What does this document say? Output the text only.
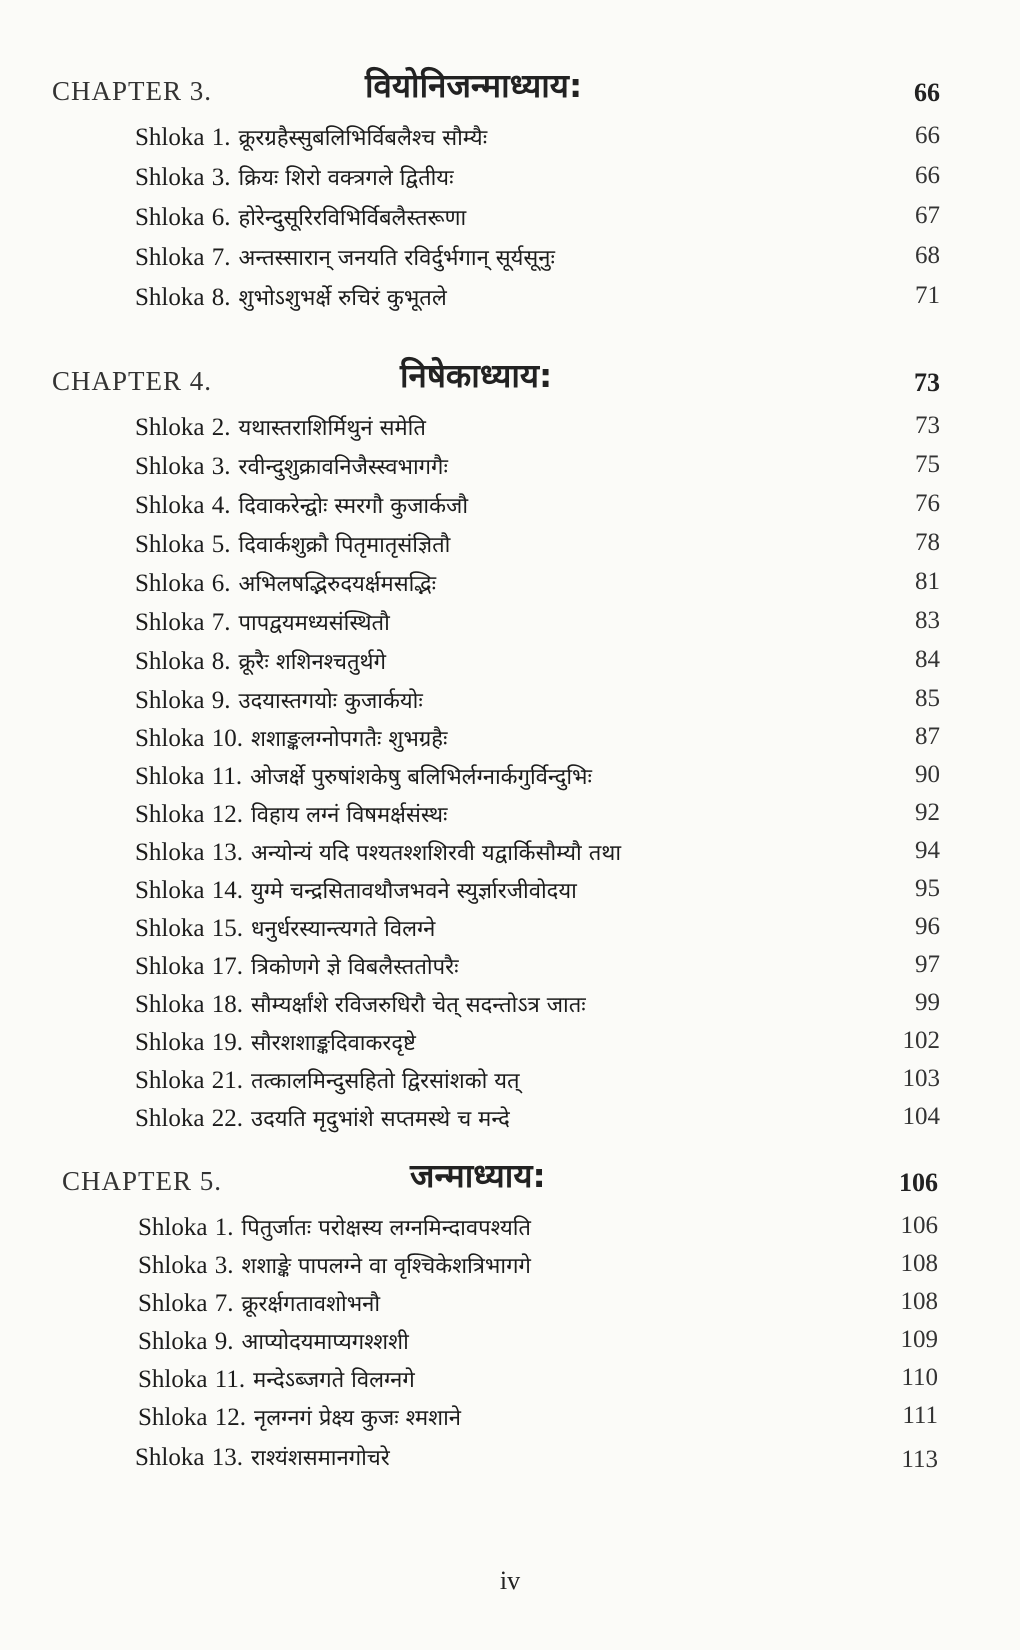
CHAPTER 3.	वियोनिजन्माध्याय:	66
Shloka 1. क्रूरग्रहैस्सुबलिभिर्विबलैश्च सौम्यैः	66
Shloka 3. क्रियः शिरो वक्त्रगले द्वितीयः	66
Shloka 6. होरेन्दुसूरिरविभिर्विबलैस्तरूणा	67
Shloka 7. अन्तस्सारान् जनयति रविर्दुर्भगान् सूर्यसूनुः	68
Shloka 8. शुभोऽशुभर्क्षे रुचिरं कुभूतले	71
CHAPTER 4.	निषेकाध्याय:	73
Shloka 2. यथास्तराशिर्मिथुनं समेति	73
Shloka 3. रवीन्दुशुक्रावनिजैस्स्वभागगैः	75
Shloka 4. दिवाकरेन्द्वोः स्मरगौ कुजार्कजौ	76
Shloka 5. दिवार्कशुक्रौ पितृमातृसंज्ञितौ	78
Shloka 6. अभिलषद्भिरुदयर्क्षमसद्भिः	81
Shloka 7. पापद्वयमध्यसंस्थितौ	83
Shloka 8. क्रूरैः शशिनश्चतुर्थगे	84
Shloka 9. उदयास्तगयोः कुजार्कयोः	85
Shloka 10. शशाङ्कलग्नोपगतैः शुभग्रहैः	87
Shloka 11. ओजर्क्षे पुरुषांशकेषु बलिभिर्लग्नार्कगुर्विन्दुभिः	90
Shloka 12. विहाय लग्नं विषमर्क्षसंस्थः	92
Shloka 13. अन्योन्यं यदि पश्यतश्शशिरवी यद्वार्किसौम्यौ तथा	94
Shloka 14. युग्मे चन्द्रसितावथौजभवने स्युर्ज्ञारजीवोदया	95
Shloka 15. धनुर्धरस्यान्त्यगते विलग्ने	96
Shloka 17. त्रिकोणगे ज्ञे विबलैस्ततोपरैः	97
Shloka 18. सौम्यर्क्षांशे रविजरुधिरौ चेत् सदन्तोऽत्र जातः	99
Shloka 19. सौरशशाङ्कदिवाकरदृष्टे	102
Shloka 21. तत्कालमिन्दुसहितो द्विरसांशको यत्	103
Shloka 22. उदयति मृदुभांशे सप्तमस्थे च मन्दे	104
CHAPTER 5.	जन्माध्याय:	106
Shloka 1. पितुर्जातः परोक्षस्य लग्नमिन्दावपश्यति	106
Shloka 3. शशाङ्के पापलग्ने वा वृश्चिकेशत्रिभागगे	108
Shloka 7. क्रूरर्क्षगतावशोभनौ	108
Shloka 9. आप्योदयमाप्यगश्शशी	109
Shloka 11. मन्देऽब्जगते विलग्नगे	110
Shloka 12. नृलग्नगं प्रेक्ष्य कुजः श्मशाने	111
Shloka 13. राश्यंशसमानगोचरे	113
iv
